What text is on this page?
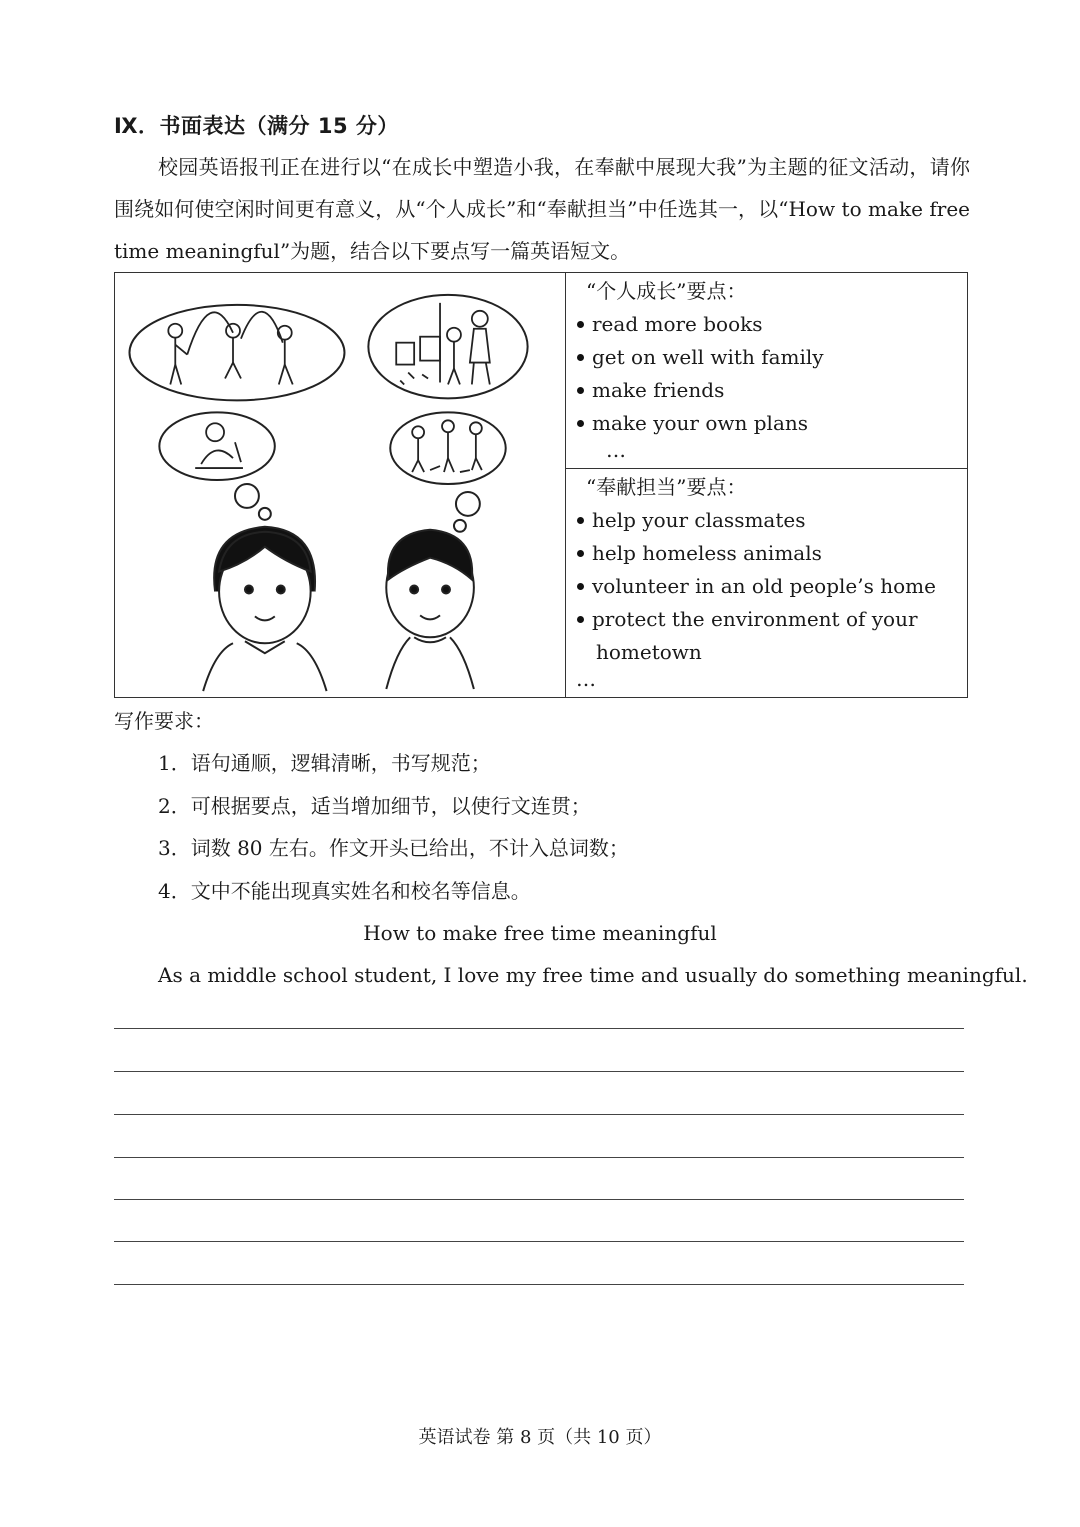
Ⅸ．书面表达（满分 15 分）
校园英语报刊正在进行以“在成长中塑造小我，在奉献中展现大我”为主题的征文活动，请你围绕如何使空闲时间更有意义，从“个人成长”和“奉献担当”中任选其一，以“How to make free time meaningful”为题，结合以下要点写一篇英语短文。
“个人成长”要点：
read more books
get on well with family
make friends
make your own plans
…
“奉献担当”要点：
help your classmates
help homeless animals
volunteer in an old people’s home
protect the environment of your
hometown
…
写作要求：
1．语句通顺，逻辑清晰，书写规范；
2．可根据要点，适当增加细节，以使行文连贯；
3．词数 80 左右。作文开头已给出，不计入总词数；
4．文中不能出现真实姓名和校名等信息。
How to make free time meaningful
As a middle school student, I love my free time and usually do something meaningful.
英语试卷 第 8 页（共 10 页）
